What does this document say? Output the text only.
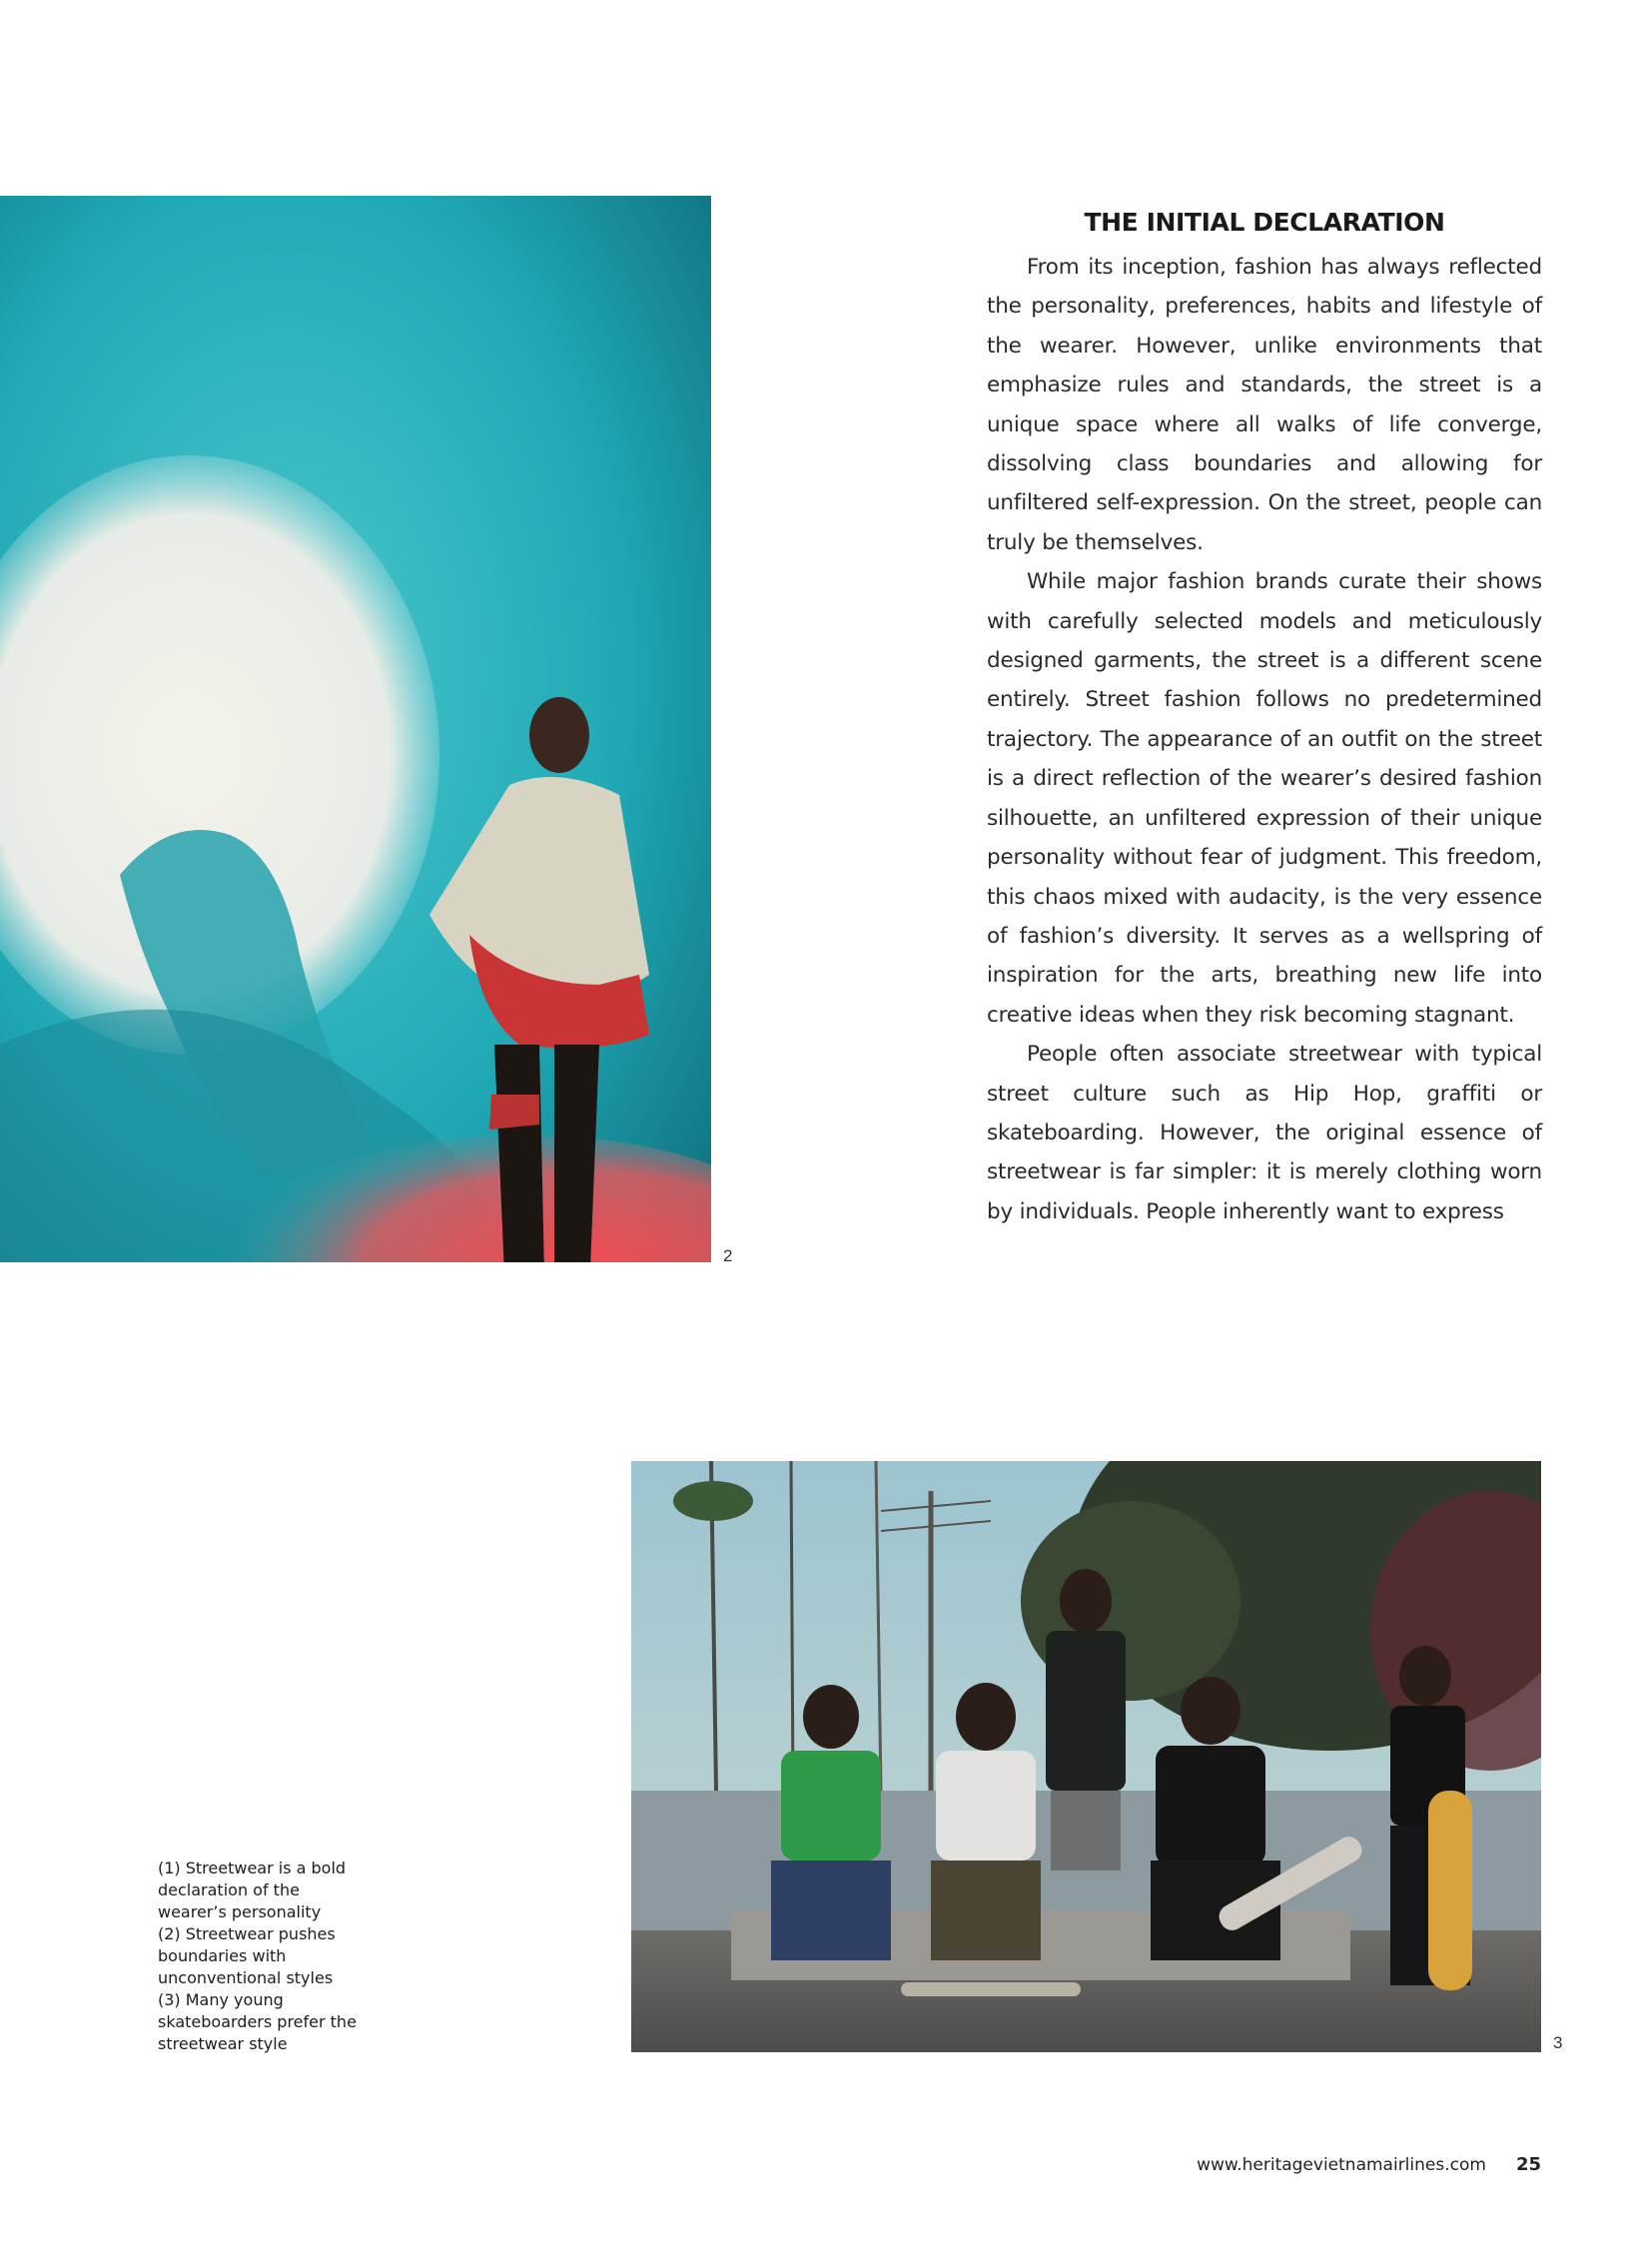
2
THE INITIAL DECLARATION

From its inception, fashion has always reflected the personality, preferences, habits and lifestyle of the wearer. However, unlike environments that emphasize rules and standards, the street is a unique space where all walks of life converge, dissolving class boundaries and allowing for unfiltered self-expression. On the street, people can truly be themselves.

While major fashion brands curate their shows with carefully selected models and meticulously designed garments, the street is a different scene entirely. Street fashion follows no predetermined trajectory. The appearance of an outfit on the street is a direct reflection of the wearer’s desired fashion silhouette, an unfiltered expression of their unique personality without fear of judgment. This freedom, this chaos mixed with audacity, is the very essence of fashion’s diversity. It serves as a wellspring of inspiration for the arts, breathing new life into creative ideas when they risk becoming stagnant.

People often associate streetwear with typical street culture such as Hip Hop, graffiti or skateboarding. However, the original essence of streetwear is far simpler: it is merely clothing worn by individuals. People inherently want to express

3

(1) Streetwear is a bold declaration of the wearer’s personality

(2) Streetwear pushes boundaries with unconventional styles

(3) Many young skateboarders prefer the streetwear style

www.heritagevietnamairlines.com 25
